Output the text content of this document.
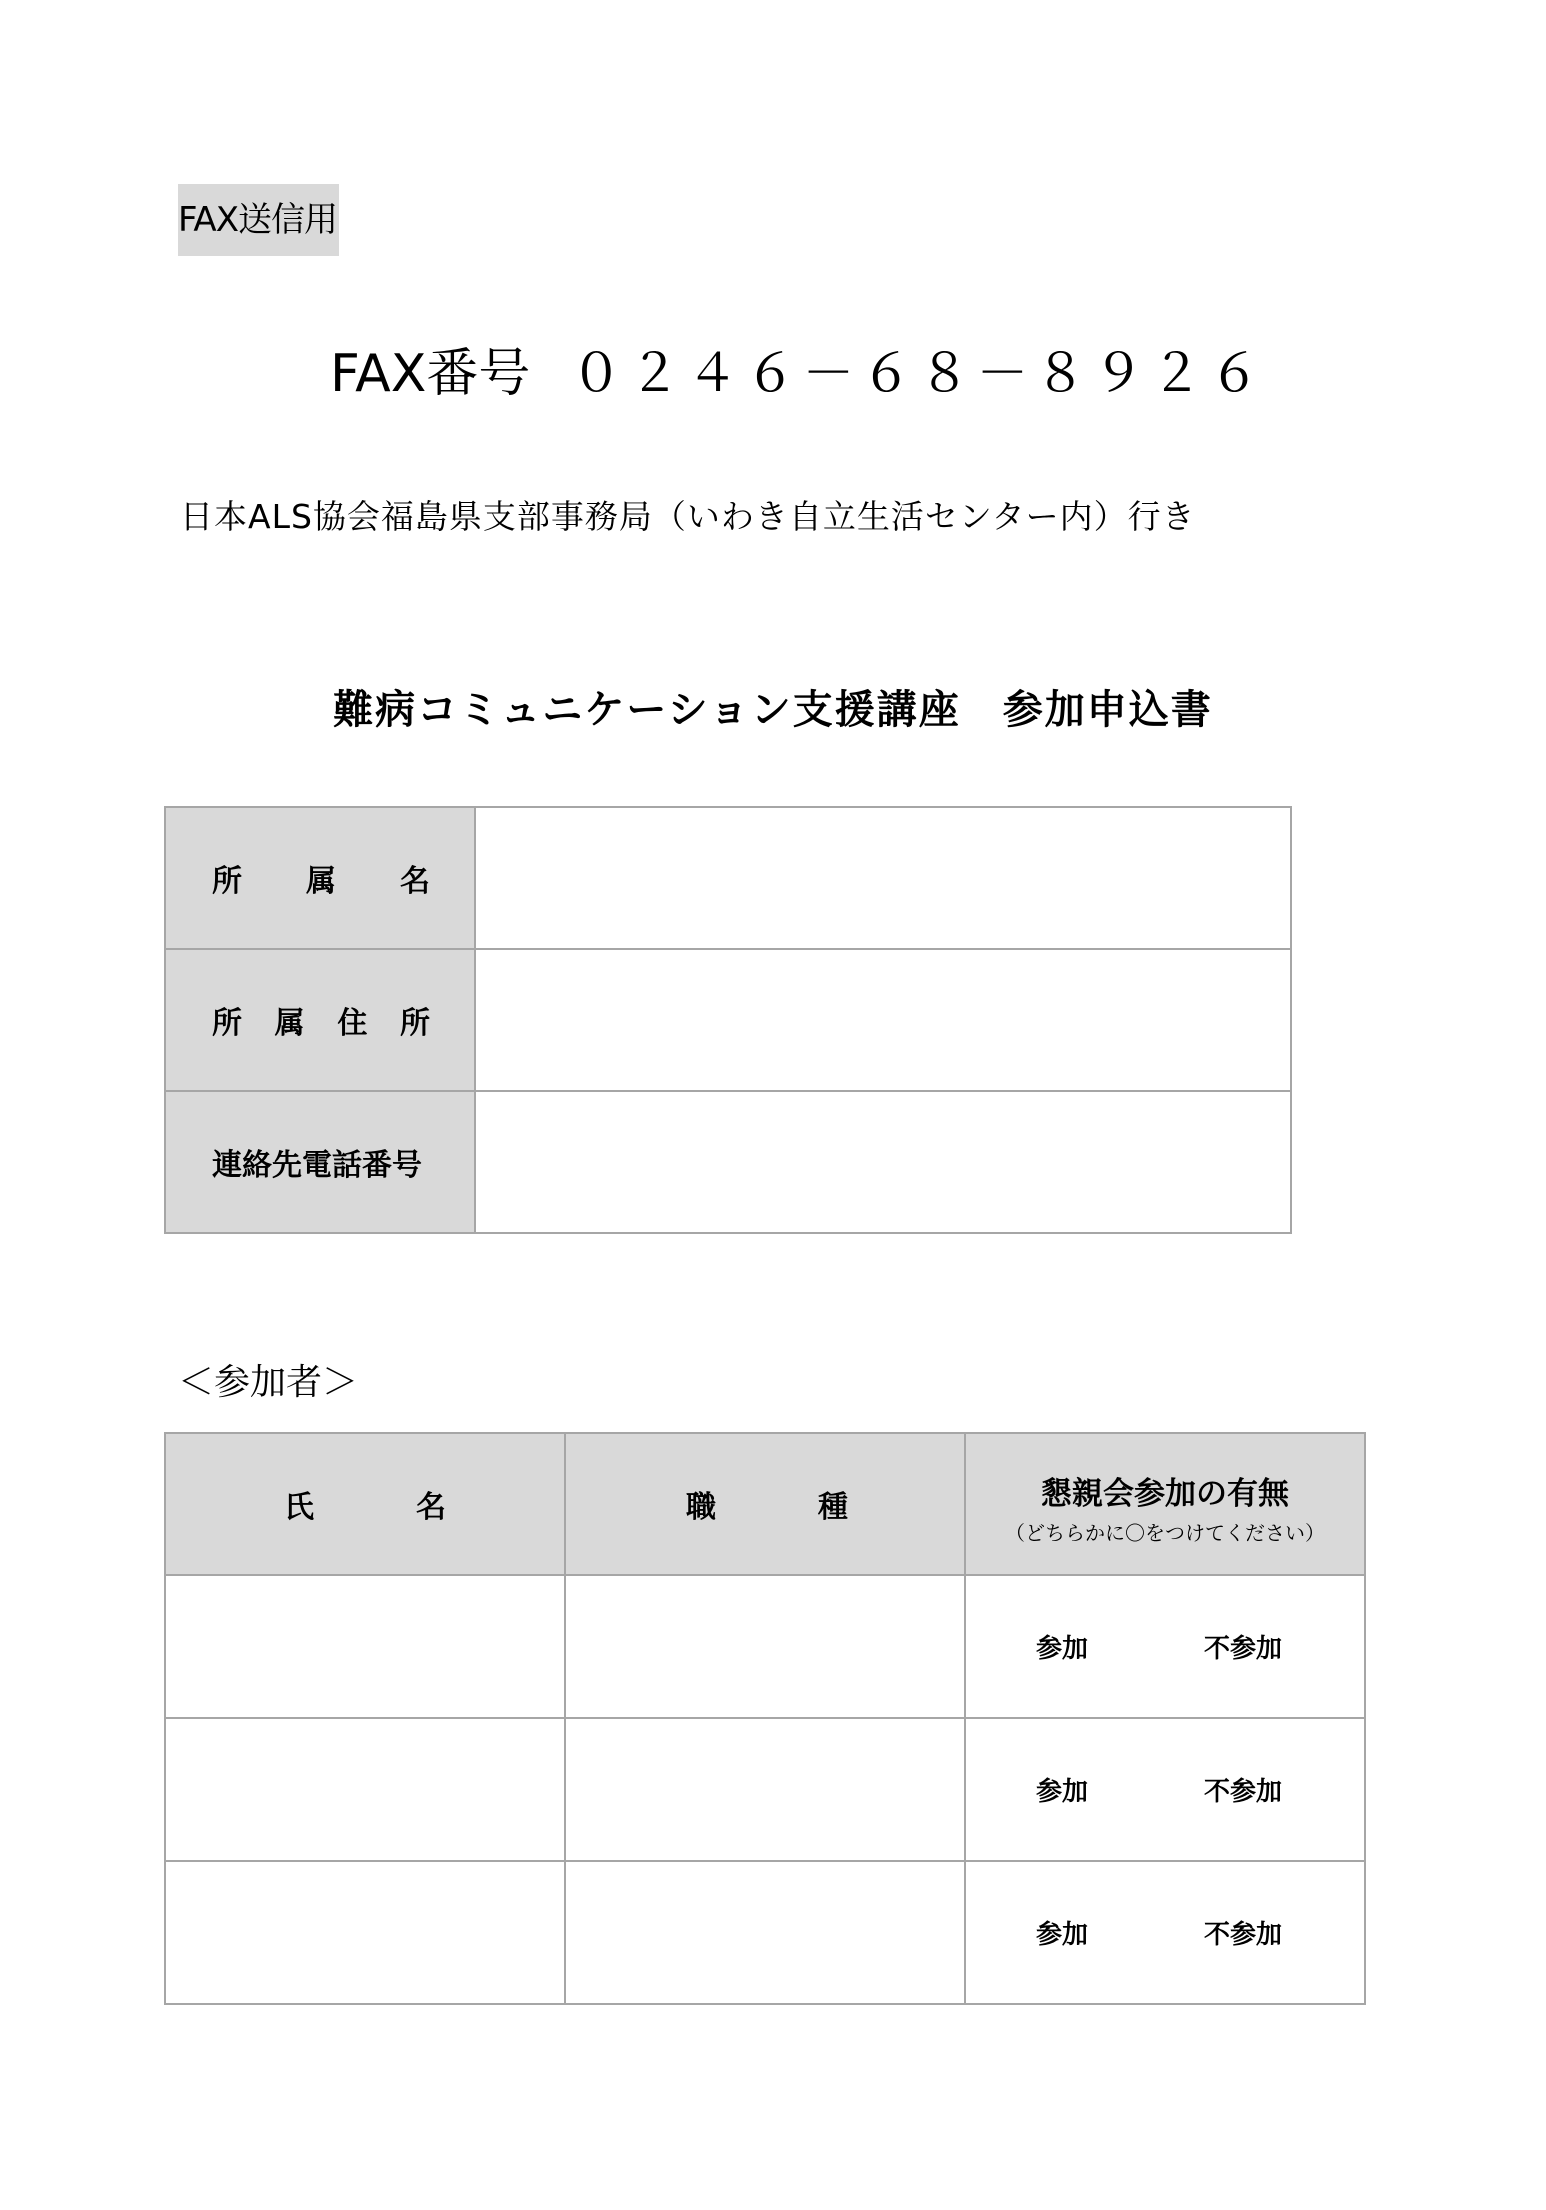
FAX送信用
FAX番号 ０２４６－６８－８９２６
日本ALS協会福島県支部事務局（いわき自立生活センター内）行き
難病コミュニケーション支援講座　参加申込書
所 属 名	

所 属 住 所	

連絡先電話番号	

＜参加者＞
氏 名	職 種	懇親会参加の有無
（どちらかに〇をつけてください）

		参加 不参加

		参加 不参加

		参加 不参加
